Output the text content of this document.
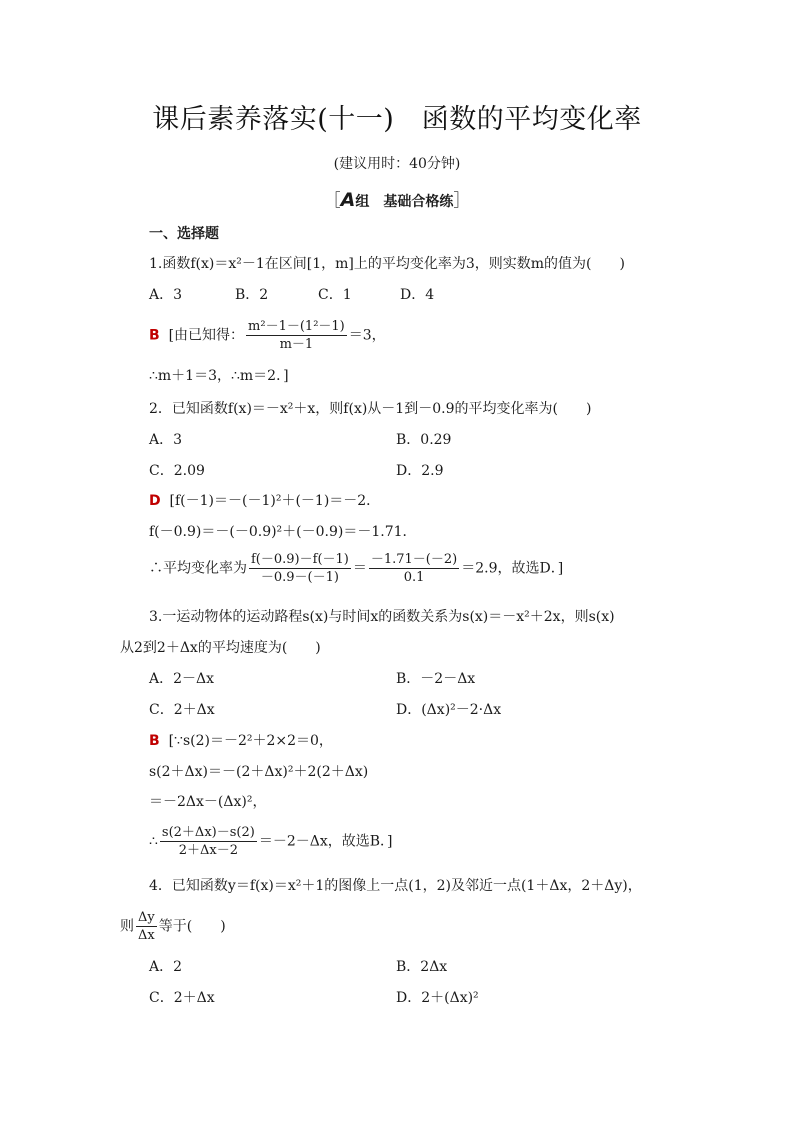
课后素养落实(十一)　函数的平均变化率
(建议用时：40分钟)
［A组　基础合格练］
一、选择题
1.函数f(x)＝x²－1在区间[1，m]上的平均变化率为3，则实数m的值为(　　)
A．3	B．2	C．1	D．4
B [由已知得： $\frac{\text{m²－1－(1²－1)}}{m-1} =3$，
∴m＋1＝3，∴m＝2．]
2．已知函数f(x)＝－x²＋x，则f(x)从－1到－0.9的平均变化率为(　　)
A．3	B．0.29
C．2.09	D．2.9
D [f(－1)＝－(－1)²＋(－1)＝－2．
f(－0.9)＝－(－0.9)²＋(－0.9)＝－1.71．
∴平均变化率为 $\frac{f(-0.9)-f(-1)}{-0.9-(-1)} = \frac{-1.71-(-2)}{0.1} =2.9$，故选D．]
3.一运动物体的运动路程s(x)与时间x的函数关系为s(x)＝－x²＋2x，则s(x)
从2到2＋Δx的平均速度为(　　)
A．2－Δx	B．－2－Δx
C．2＋Δx	D．(Δx)²－2·Δx
B [∵s(2)＝－2²＋2×2＝0，
s(2＋Δx)＝－(2＋Δx)²＋2(2＋Δx)
＝－2Δx－(Δx)²，
∴ $\frac{s(2+\Delta x)-s(2)}{2+\Delta x-2} =-2-\Delta x$，故选B．]
4．已知函数y＝f(x)＝x²＋1的图像上一点(1，2)及邻近一点(1＋Δx，2＋Δy)，
则 $\frac{\Delta y}{\Delta x}$ 等于(　　)
A．2	B．2Δx
C．2＋Δx	D．2＋(Δx)²
